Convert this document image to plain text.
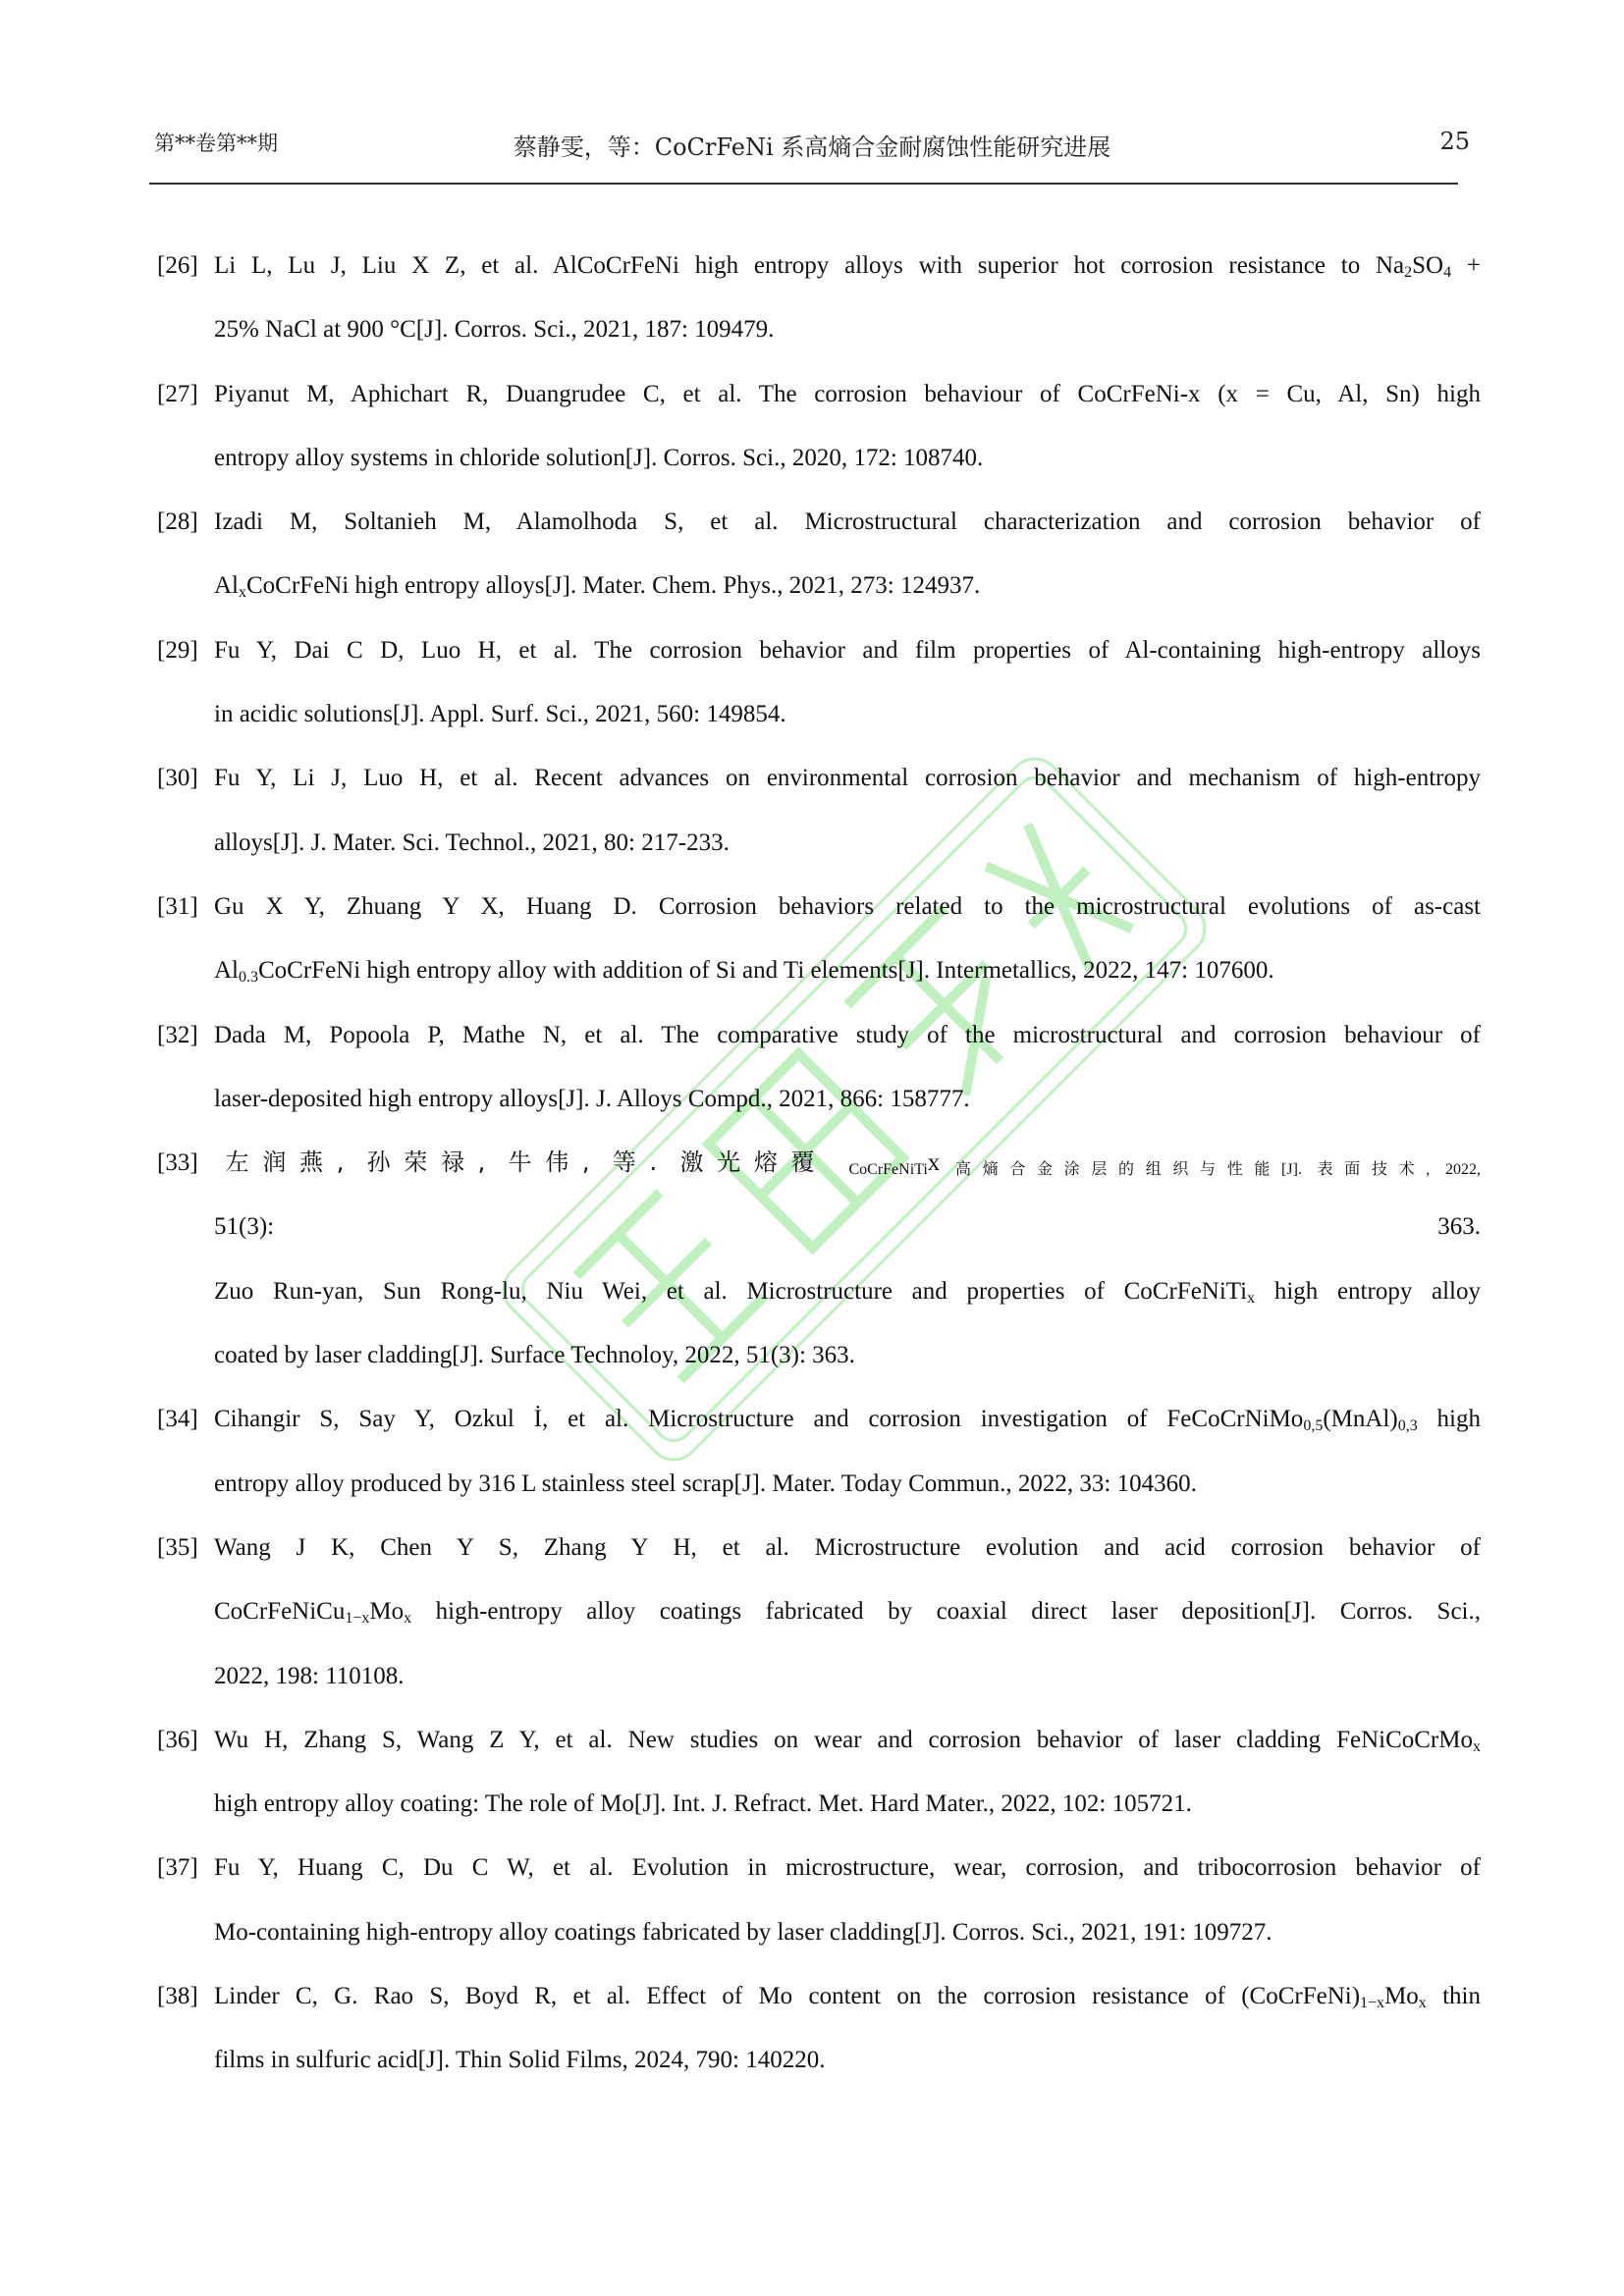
第**卷第**期	蔡静雯，等：CoCrFeNi 系高熵合金耐腐蚀性能研究进展	25
[26] Li L, Lu J, Liu X Z, et al. AlCoCrFeNi high entropy alloys with superior hot corrosion resistance to $Na_2SO_4$ +
25% NaCl at 900 °C[J]. Corros. Sci., 2021, 187: 109479.
[27] Piyanut M, Aphichart R, Duangrudee C, et al. The corrosion behaviour of CoCrFeNi-x (x = Cu, Al, Sn) high
entropy alloy systems in chloride solution[J]. Corros. Sci., 2020, 172: 108740.
[28] Izadi M, Soltanieh M, Alamolhoda S, et al. Microstructural characterization and corrosion behavior of
$Al_xCoCrFeNi$ high entropy alloys[J]. Mater. Chem. Phys., 2021, 273: 124937.
[29] Fu Y, Dai C D, Luo H, et al. The corrosion behavior and film properties of Al-containing high-entropy alloys
in acidic solutions[J]. Appl. Surf. Sci., 2021, 560: 149854.
[30] Fu Y, Li J, Luo H, et al. Recent advances on environmental corrosion behavior and mechanism of high-entropy
alloys[J]. J. Mater. Sci. Technol., 2021, 80: 217-233.
[31] Gu X Y, Zhuang Y X, Huang D. Corrosion behaviors related to the microstructural evolutions of as-cast
$Al_{0.3}CoCrFeNi$ high entropy alloy with addition of Si and Ti elements[J]. Intermetallics, 2022, 147: 107600.
[32] Dada M, Popoola P, Mathe N, et al. The comparative study of the microstructural and corrosion behaviour of
laser-deposited high entropy alloys[J]. J. Alloys Compd., 2021, 866: 158777.
[33] 左润燕, 孙荣禄, 牛伟, 等. 激光熔覆 $_{CoCrFeNiTi}$x $_{高熵合金涂层的组织与性能[J]. 表面技术, 2022,}$
51(3): 363.
Zuo Run-yan, Sun Rong-lu, Niu Wei, et al. Microstructure and properties of CoCrFeNiTi$_x$ high entropy alloy
coated by laser cladding[J]. Surface Technoloy, 2022, 51(3): 363.
[34] Cihangir S, Say Y, Ozkul İ, et al. Microstructure and corrosion investigation of $FeCoCrNiMo_{0,5}(MnAl)_{0,3}$ high
entropy alloy produced by 316 L stainless steel scrap[J]. Mater. Today Commun., 2022, 33: 104360.
[35] Wang J K, Chen Y S, Zhang Y H, et al. Microstructure evolution and acid corrosion behavior of
$CoCrFeNiCu_{1-x}Mo_x$ high-entropy alloy coatings fabricated by coaxial direct laser deposition[J]. Corros. Sci.,
2022, 198: 110108.
[36] Wu H, Zhang S, Wang Z Y, et al. New studies on wear and corrosion behavior of laser cladding FeNiCoCrMo$_x$
high entropy alloy coating: The role of Mo[J]. Int. J. Refract. Met. Hard Mater., 2022, 102: 105721.
[37] Fu Y, Huang C, Du C W, et al. Evolution in microstructure, wear, corrosion, and tribocorrosion behavior of
Mo-containing high-entropy alloy coatings fabricated by laser cladding[J]. Corros. Sci., 2021, 191: 109727.
[38] Linder C, G. Rao S, Boyd R, et al. Effect of Mo content on the corrosion resistance of $(CoCrFeNi)_{1-x}Mo_x$ thin
films in sulfuric acid[J]. Thin Solid Films, 2024, 790: 140220.
